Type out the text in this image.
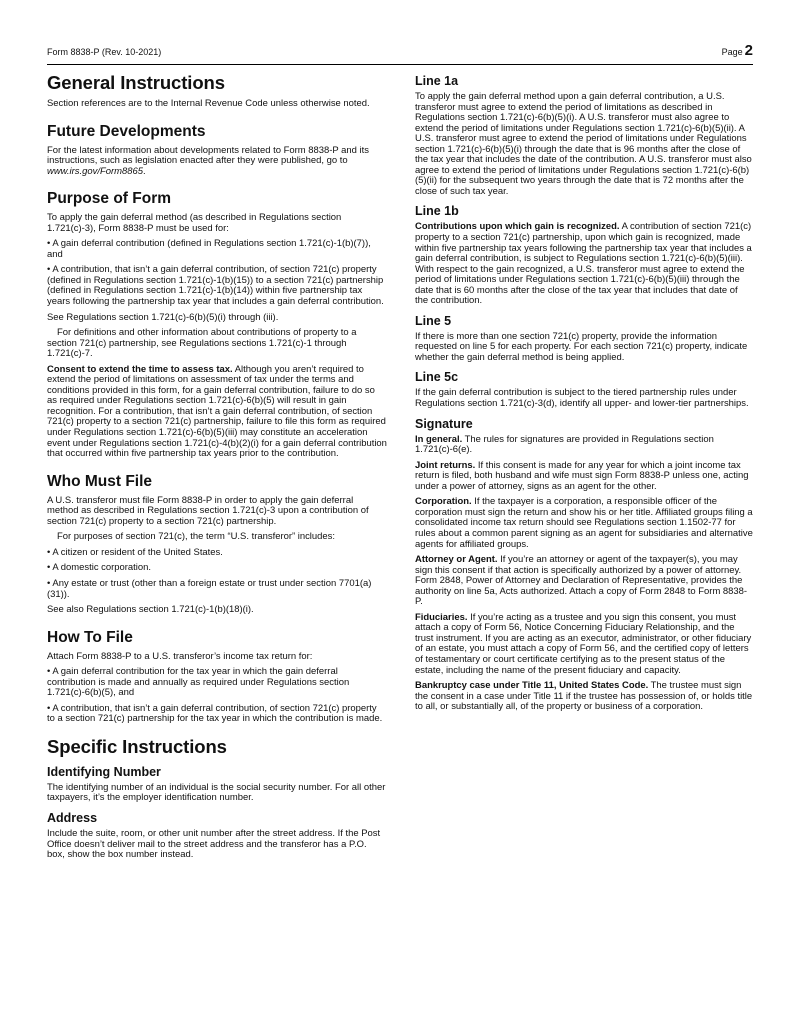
Form 8838-P (Rev. 10-2021)	Page 2
General Instructions

Section references are to the Internal Revenue Code unless otherwise noted.

Future Developments

For the latest information about developments related to Form 8838-P and its instructions, such as legislation enacted after they were published, go to www.irs.gov/Form8865.

Purpose of Form

To apply the gain deferral method (as described in Regulations section 1.721(c)-3), Form 8838-P must be used for:

• A gain deferral contribution (defined in Regulations section 1.721(c)-1(b)(7)), and

• A contribution, that isn’t a gain deferral contribution, of section 721(c) property (defined in Regulations section 1.721(c)-1(b)(15)) to a section 721(c) partnership (defined in Regulations section 1.721(c)-1(b)(14)) within five partnership tax years following the partnership tax year that includes a gain deferral contribution.

See Regulations section 1.721(c)-6(b)(5)(i) through (iii).

For definitions and other information about contributions of property to a section 721(c) partnership, see Regulations sections 1.721(c)-1 through 1.721(c)-7.

Consent to extend the time to assess tax. Although you aren’t required to extend the period of limitations on assessment of tax under the terms and conditions provided in this form, for a gain deferral contribution, failure to do so as required under Regulations section 1.721(c)-6(b)(5) will result in gain recognition. For a contribution, that isn’t a gain deferral contribution, of section 721(c) property to a section 721(c) partnership, failure to file this form as required under Regulations section 1.721(c)-6(b)(5)(iii) may constitute an acceleration event under Regulations section 1.721(c)-4(b)(2)(i) for a gain deferral contribution that occurred within five partnership tax years prior to the contribution.

Who Must File

A U.S. transferor must file Form 8838-P in order to apply the gain deferral method as described in Regulations section 1.721(c)-3 upon a contribution of section 721(c) property to a section 721(c) partnership.

For purposes of section 721(c), the term “U.S. transferor” includes:

• A citizen or resident of the United States.

• A domestic corporation.

• Any estate or trust (other than a foreign estate or trust under section 7701(a)(31)).

See also Regulations section 1.721(c)-1(b)(18)(i).

How To File

Attach Form 8838-P to a U.S. transferor’s income tax return for:

• A gain deferral contribution for the tax year in which the gain deferral contribution is made and annually as required under Regulations section 1.721(c)-6(b)(5), and

• A contribution, that isn’t a gain deferral contribution, of section 721(c) property to a section 721(c) partnership for the tax year in which the contribution is made.

Specific Instructions
Identifying Number

The identifying number of an individual is the social security number. For all other taxpayers, it’s the employer identification number.

Address

Include the suite, room, or other unit number after the street address. If the Post Office doesn’t deliver mail to the street address and the transferor has a P.O. box, show the box number instead.

Line 1a

To apply the gain deferral method upon a gain deferral contribution, a U.S. transferor must agree to extend the period of limitations as described in Regulations section 1.721(c)-6(b)(5)(i). A U.S. transferor must also agree to extend the period of limitations under Regulations section 1.721(c)-6(b)(5)(ii). A U.S. transferor must agree to extend the period of limitations under Regulations section 1.721(c)-6(b)(5)(i) through the date that is 96 months after the close of the tax year that includes the date of the contribution. A U.S. transferor must also agree to extend the period of limitations under Regulations section 1.721(c)-6(b)(5)(ii) for the subsequent two years through the date that is 72 months after the close of such tax year.

Line 1b

Contributions upon which gain is recognized. A contribution of section 721(c) property to a section 721(c) partnership, upon which gain is recognized, made within five partnership tax years following the partnership tax year that includes a gain deferral contribution, is subject to Regulations section 1.721(c)-6(b)(5)(iii). With respect to the gain recognized, a U.S. transferor must agree to extend the period of limitations under Regulations section 1.721(c)-6(b)(5)(iii) through the date that is 60 months after the close of the tax year that includes that date of the contribution.

Line 5

If there is more than one section 721(c) property, provide the information requested on line 5 for each property. For each section 721(c) property, indicate whether the gain deferral method is being applied.

Line 5c

If the gain deferral contribution is subject to the tiered partnership rules under Regulations section 1.721(c)-3(d), identify all upper- and lower-tier partnerships.

Signature

In general. The rules for signatures are provided in Regulations section 1.721(c)-6(e).

Joint returns. If this consent is made for any year for which a joint income tax return is filed, both husband and wife must sign Form 8838-P unless one, acting under a power of attorney, signs as an agent for the other.

Corporation. If the taxpayer is a corporation, a responsible officer of the corporation must sign the return and show his or her title. Affiliated groups filing a consolidated income tax return should see Regulations section 1.1502-77 for rules about a common parent signing as an agent for subsidiaries and alternative agents for affiliated groups.

Attorney or Agent. If you’re an attorney or agent of the taxpayer(s), you may sign this consent if that action is specifically authorized by a power of attorney. Form 2848, Power of Attorney and Declaration of Representative, provides the authority on line 5a, Acts authorized. Attach a copy of Form 2848 to Form 8838-P.

Fiduciaries. If you’re acting as a trustee and you sign this consent, you must attach a copy of Form 56, Notice Concerning Fiduciary Relationship, and the trust instrument. If you are acting as an executor, administrator, or other fiduciary of an estate, you must attach a copy of Form 56, and the certified copy of letters of testamentary or court certificate certifying as to the present status of the estate, including the name of the present fiduciary and capacity.

Bankruptcy case under Title 11, United States Code. The trustee must sign the consent in a case under Title 11 if the trustee has possession of, or holds title to all, or substantially all, of the property or business of a corporation.
